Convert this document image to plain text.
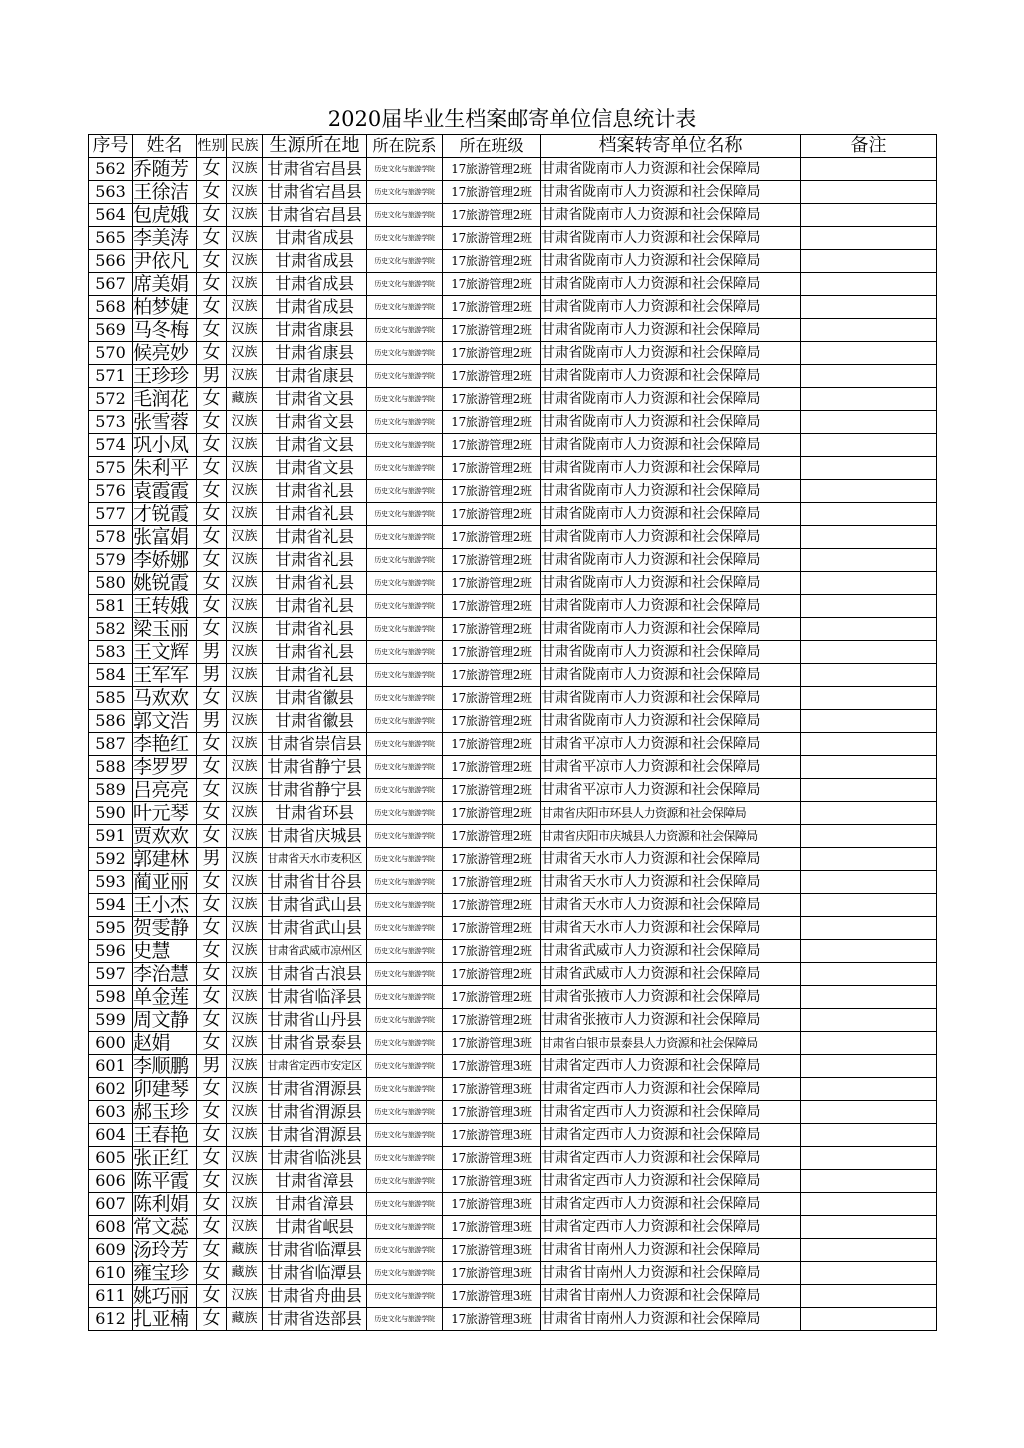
2020届毕业生档案邮寄单位信息统计表
序号	姓名	性别	民族	生源所在地	所在院系	所在班级	档案转寄单位名称	备注
562	乔随芳	女	汉族	甘肃省宕昌县	历史文化与旅游学院	17旅游管理2班	甘肃省陇南市人力资源和社会保障局	
563	王徐洁	女	汉族	甘肃省宕昌县	历史文化与旅游学院	17旅游管理2班	甘肃省陇南市人力资源和社会保障局	
564	包虎娥	女	汉族	甘肃省宕昌县	历史文化与旅游学院	17旅游管理2班	甘肃省陇南市人力资源和社会保障局	
565	李美涛	女	汉族	甘肃省成县	历史文化与旅游学院	17旅游管理2班	甘肃省陇南市人力资源和社会保障局	
566	尹依凡	女	汉族	甘肃省成县	历史文化与旅游学院	17旅游管理2班	甘肃省陇南市人力资源和社会保障局	
567	席美娟	女	汉族	甘肃省成县	历史文化与旅游学院	17旅游管理2班	甘肃省陇南市人力资源和社会保障局	
568	柏梦婕	女	汉族	甘肃省成县	历史文化与旅游学院	17旅游管理2班	甘肃省陇南市人力资源和社会保障局	
569	马冬梅	女	汉族	甘肃省康县	历史文化与旅游学院	17旅游管理2班	甘肃省陇南市人力资源和社会保障局	
570	候亮妙	女	汉族	甘肃省康县	历史文化与旅游学院	17旅游管理2班	甘肃省陇南市人力资源和社会保障局	
571	王珍珍	男	汉族	甘肃省康县	历史文化与旅游学院	17旅游管理2班	甘肃省陇南市人力资源和社会保障局	
572	毛润花	女	藏族	甘肃省文县	历史文化与旅游学院	17旅游管理2班	甘肃省陇南市人力资源和社会保障局	
573	张雪蓉	女	汉族	甘肃省文县	历史文化与旅游学院	17旅游管理2班	甘肃省陇南市人力资源和社会保障局	
574	巩小凤	女	汉族	甘肃省文县	历史文化与旅游学院	17旅游管理2班	甘肃省陇南市人力资源和社会保障局	
575	朱利平	女	汉族	甘肃省文县	历史文化与旅游学院	17旅游管理2班	甘肃省陇南市人力资源和社会保障局	
576	袁霞霞	女	汉族	甘肃省礼县	历史文化与旅游学院	17旅游管理2班	甘肃省陇南市人力资源和社会保障局	
577	才锐霞	女	汉族	甘肃省礼县	历史文化与旅游学院	17旅游管理2班	甘肃省陇南市人力资源和社会保障局	
578	张富娟	女	汉族	甘肃省礼县	历史文化与旅游学院	17旅游管理2班	甘肃省陇南市人力资源和社会保障局	
579	李娇娜	女	汉族	甘肃省礼县	历史文化与旅游学院	17旅游管理2班	甘肃省陇南市人力资源和社会保障局	
580	姚锐霞	女	汉族	甘肃省礼县	历史文化与旅游学院	17旅游管理2班	甘肃省陇南市人力资源和社会保障局	
581	王转娥	女	汉族	甘肃省礼县	历史文化与旅游学院	17旅游管理2班	甘肃省陇南市人力资源和社会保障局	
582	梁玉丽	女	汉族	甘肃省礼县	历史文化与旅游学院	17旅游管理2班	甘肃省陇南市人力资源和社会保障局	
583	王文辉	男	汉族	甘肃省礼县	历史文化与旅游学院	17旅游管理2班	甘肃省陇南市人力资源和社会保障局	
584	王军军	男	汉族	甘肃省礼县	历史文化与旅游学院	17旅游管理2班	甘肃省陇南市人力资源和社会保障局	
585	马欢欢	女	汉族	甘肃省徽县	历史文化与旅游学院	17旅游管理2班	甘肃省陇南市人力资源和社会保障局	
586	郭文浩	男	汉族	甘肃省徽县	历史文化与旅游学院	17旅游管理2班	甘肃省陇南市人力资源和社会保障局	
587	李艳红	女	汉族	甘肃省崇信县	历史文化与旅游学院	17旅游管理2班	甘肃省平凉市人力资源和社会保障局	
588	李罗罗	女	汉族	甘肃省静宁县	历史文化与旅游学院	17旅游管理2班	甘肃省平凉市人力资源和社会保障局	
589	吕亮亮	女	汉族	甘肃省静宁县	历史文化与旅游学院	17旅游管理2班	甘肃省平凉市人力资源和社会保障局	
590	叶元琴	女	汉族	甘肃省环县	历史文化与旅游学院	17旅游管理2班	甘肃省庆阳市环县人力资源和社会保障局	
591	贾欢欢	女	汉族	甘肃省庆城县	历史文化与旅游学院	17旅游管理2班	甘肃省庆阳市庆城县人力资源和社会保障局	
592	郭建林	男	汉族	甘肃省天水市麦积区	历史文化与旅游学院	17旅游管理2班	甘肃省天水市人力资源和社会保障局	
593	蔺亚丽	女	汉族	甘肃省甘谷县	历史文化与旅游学院	17旅游管理2班	甘肃省天水市人力资源和社会保障局	
594	王小杰	女	汉族	甘肃省武山县	历史文化与旅游学院	17旅游管理2班	甘肃省天水市人力资源和社会保障局	
595	贺雯静	女	汉族	甘肃省武山县	历史文化与旅游学院	17旅游管理2班	甘肃省天水市人力资源和社会保障局	
596	史慧	女	汉族	甘肃省武威市凉州区	历史文化与旅游学院	17旅游管理2班	甘肃省武威市人力资源和社会保障局	
597	李治慧	女	汉族	甘肃省古浪县	历史文化与旅游学院	17旅游管理2班	甘肃省武威市人力资源和社会保障局	
598	单金莲	女	汉族	甘肃省临泽县	历史文化与旅游学院	17旅游管理2班	甘肃省张掖市人力资源和社会保障局	
599	周文静	女	汉族	甘肃省山丹县	历史文化与旅游学院	17旅游管理2班	甘肃省张掖市人力资源和社会保障局	
600	赵娟	女	汉族	甘肃省景泰县	历史文化与旅游学院	17旅游管理3班	甘肃省白银市景泰县人力资源和社会保障局	
601	李顺鹏	男	汉族	甘肃省定西市安定区	历史文化与旅游学院	17旅游管理3班	甘肃省定西市人力资源和社会保障局	
602	卯建琴	女	汉族	甘肃省渭源县	历史文化与旅游学院	17旅游管理3班	甘肃省定西市人力资源和社会保障局	
603	郝玉珍	女	汉族	甘肃省渭源县	历史文化与旅游学院	17旅游管理3班	甘肃省定西市人力资源和社会保障局	
604	王春艳	女	汉族	甘肃省渭源县	历史文化与旅游学院	17旅游管理3班	甘肃省定西市人力资源和社会保障局	
605	张正红	女	汉族	甘肃省临洮县	历史文化与旅游学院	17旅游管理3班	甘肃省定西市人力资源和社会保障局	
606	陈平霞	女	汉族	甘肃省漳县	历史文化与旅游学院	17旅游管理3班	甘肃省定西市人力资源和社会保障局	
607	陈利娟	女	汉族	甘肃省漳县	历史文化与旅游学院	17旅游管理3班	甘肃省定西市人力资源和社会保障局	
608	常文蕊	女	汉族	甘肃省岷县	历史文化与旅游学院	17旅游管理3班	甘肃省定西市人力资源和社会保障局	
609	汤玲芳	女	藏族	甘肃省临潭县	历史文化与旅游学院	17旅游管理3班	甘肃省甘南州人力资源和社会保障局	
610	雍宝珍	女	藏族	甘肃省临潭县	历史文化与旅游学院	17旅游管理3班	甘肃省甘南州人力资源和社会保障局	
611	姚巧丽	女	汉族	甘肃省舟曲县	历史文化与旅游学院	17旅游管理3班	甘肃省甘南州人力资源和社会保障局	
612	扎亚楠	女	藏族	甘肃省迭部县	历史文化与旅游学院	17旅游管理3班	甘肃省甘南州人力资源和社会保障局	
